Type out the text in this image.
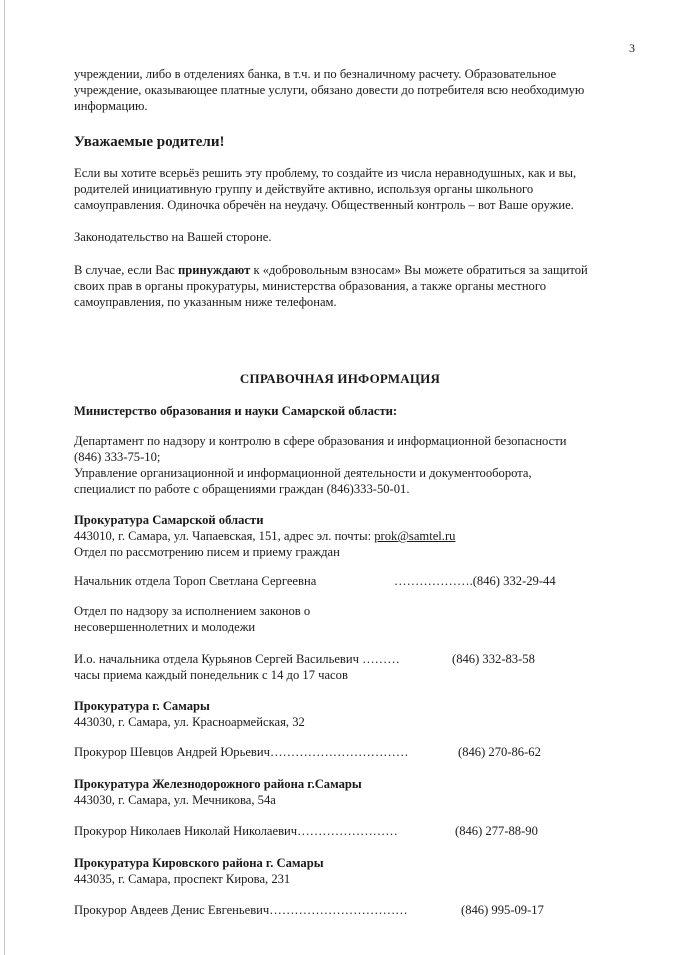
3
учреждении, либо в отделениях банка, в т.ч. и по безналичному расчету. Образовательное
учреждение, оказывающее платные услуги, обязано довести до потребителя всю необходимую
информацию.
Уважаемые родители!
Если вы хотите всерьёз решить эту проблему, то создайте из числа неравнодушных, как и вы,
родителей инициативную группу и действуйте активно, используя органы школьного
самоуправления. Одиночка обречён на неудачу. Общественный контроль – вот Ваше оружие.
Законодательство на Вашей стороне.
В случае, если Вас принуждают к «добровольным взносам» Вы можете обратиться за защитой
своих прав в органы прокуратуры, министерства образования, а также органы местного
самоуправления, по указанным ниже телефонам.
СПРАВОЧНАЯ ИНФОРМАЦИЯ
Министерство образования и науки Самарской области:
Департамент по надзору и контролю в сфере образования и информационной безопасности
(846) 333-75-10;
Управление организационной и информационной деятельности и документооборота,
специалист по работе с обращениями граждан (846)333-50-01.
Прокуратура Самарской области
443010, г. Самара, ул. Чапаевская, 151, адрес эл. почты: prok@samtel.ru
Отдел по рассмотрению писем и приему граждан
Начальник отдела Тороп Светлана Сергеевна	……………….(846) 332-29-44
Отдел по надзору за исполнением законов о
несовершеннолетних и молодежи
И.о. начальника отдела Курьянов Сергей Васильевич ………	(846) 332-83-58
часы приема каждый понедельник с 14 до 17 часов
Прокуратура г. Самары
443030, г. Самара, ул. Красноармейская, 32
Прокурор Шевцов Андрей Юрьевич……………………………	(846) 270-86-62
Прокуратура Железнодорожного района г.Самары
443030, г. Самара, ул. Мечникова, 54а
Прокурор Николаев Николай Николаевич……………………	(846) 277-88-90
Прокуратура Кировского района г. Самары
443035, г. Самара, проспект Кирова, 231
Прокурор Авдеев Денис Евгеньевич……………………………	(846) 995-09-17
